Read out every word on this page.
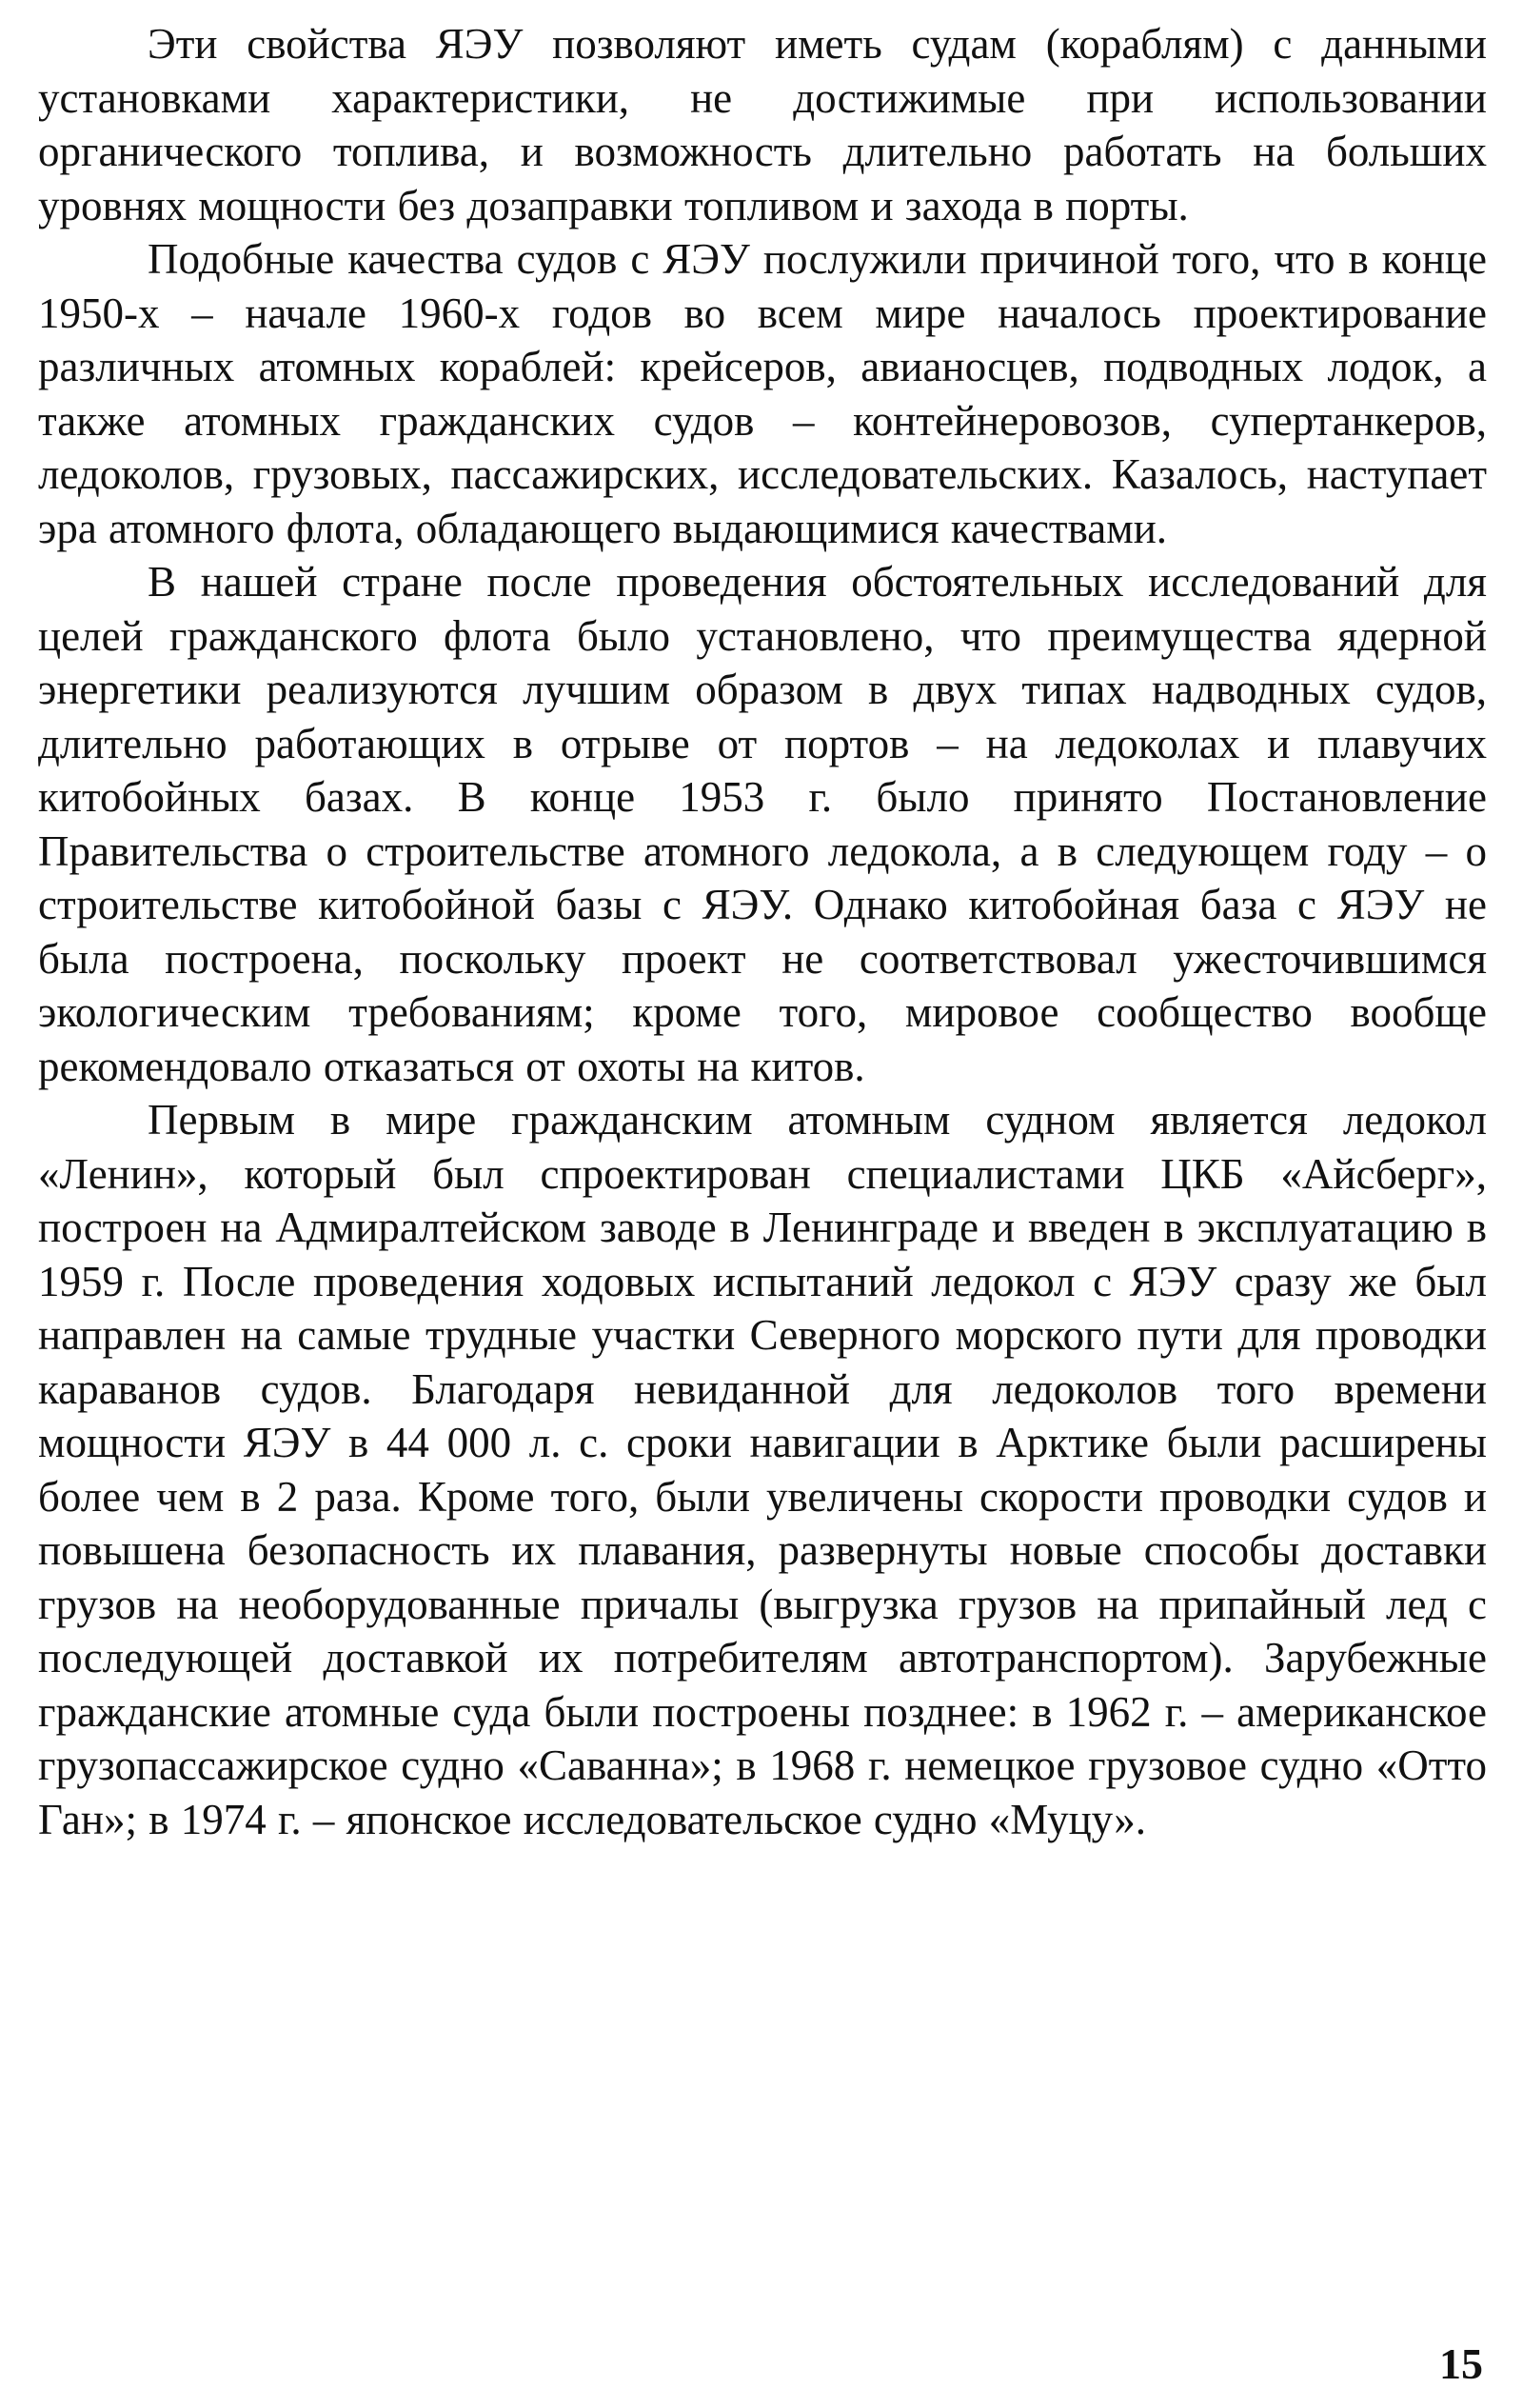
Эти свойства ЯЭУ позволяют иметь судам (кораблям) с данными установками характеристики, не достижимые при использовании органического топлива, и возможность длительно работать на больших уровнях мощности без дозаправки топливом и захода в порты.

Подобные качества судов с ЯЭУ послужили причиной того, что в конце 1950-х – начале 1960-х годов во всем мире началось проектирование различных атомных кораблей: крейсеров, авианосцев, подводных лодок, а также атомных гражданских судов – контейнеровозов, супертанкеров, ледоколов, грузовых, пассажирских, исследовательских. Казалось, наступает эра атомного флота, обладающего выдающимися качествами.

В нашей стране после проведения обстоятельных исследований для целей гражданского флота было установлено, что преимущества ядерной энергетики реализуются лучшим образом в двух типах надводных судов, длительно работающих в отрыве от портов – на ледоколах и плавучих китобойных базах. В конце 1953 г. было принято Постановление Правительства о строительстве атомного ледокола, а в следующем году – о строительстве китобойной базы с ЯЭУ. Однако китобойная база с ЯЭУ не была построена, поскольку проект не соответствовал ужесточившимся экологическим требованиям; кроме того, мировое сообщество вообще рекомендовало отказаться от охоты на китов.

Первым в мире гражданским атомным судном является ледокол «Ленин», который был спроектирован специалистами ЦКБ «Айсберг», построен на Адмиралтейском заводе в Ленинграде и введен в эксплуатацию в 1959 г. После проведения ходовых испытаний ледокол с ЯЭУ сразу же был направлен на самые трудные участки Северного морского пути для проводки караванов судов. Благодаря невиданной для ледоколов того времени мощности ЯЭУ в 44 000 л. с. сроки навигации в Арктике были расширены более чем в 2 раза. Кроме того, были увеличены скорости проводки судов и повышена безопасность их плавания, развернуты новые способы доставки грузов на необорудованные причалы (выгрузка грузов на припайный лед с последующей доставкой их потребителям автотранспортом). Зарубежные гражданские атомные суда были построены позднее: в 1962 г. – американское грузопассажирское судно «Саванна»; в 1968 г. немецкое грузовое судно «Отто Ган»; в 1974 г. – японское исследовательское судно «Муцу».

15
